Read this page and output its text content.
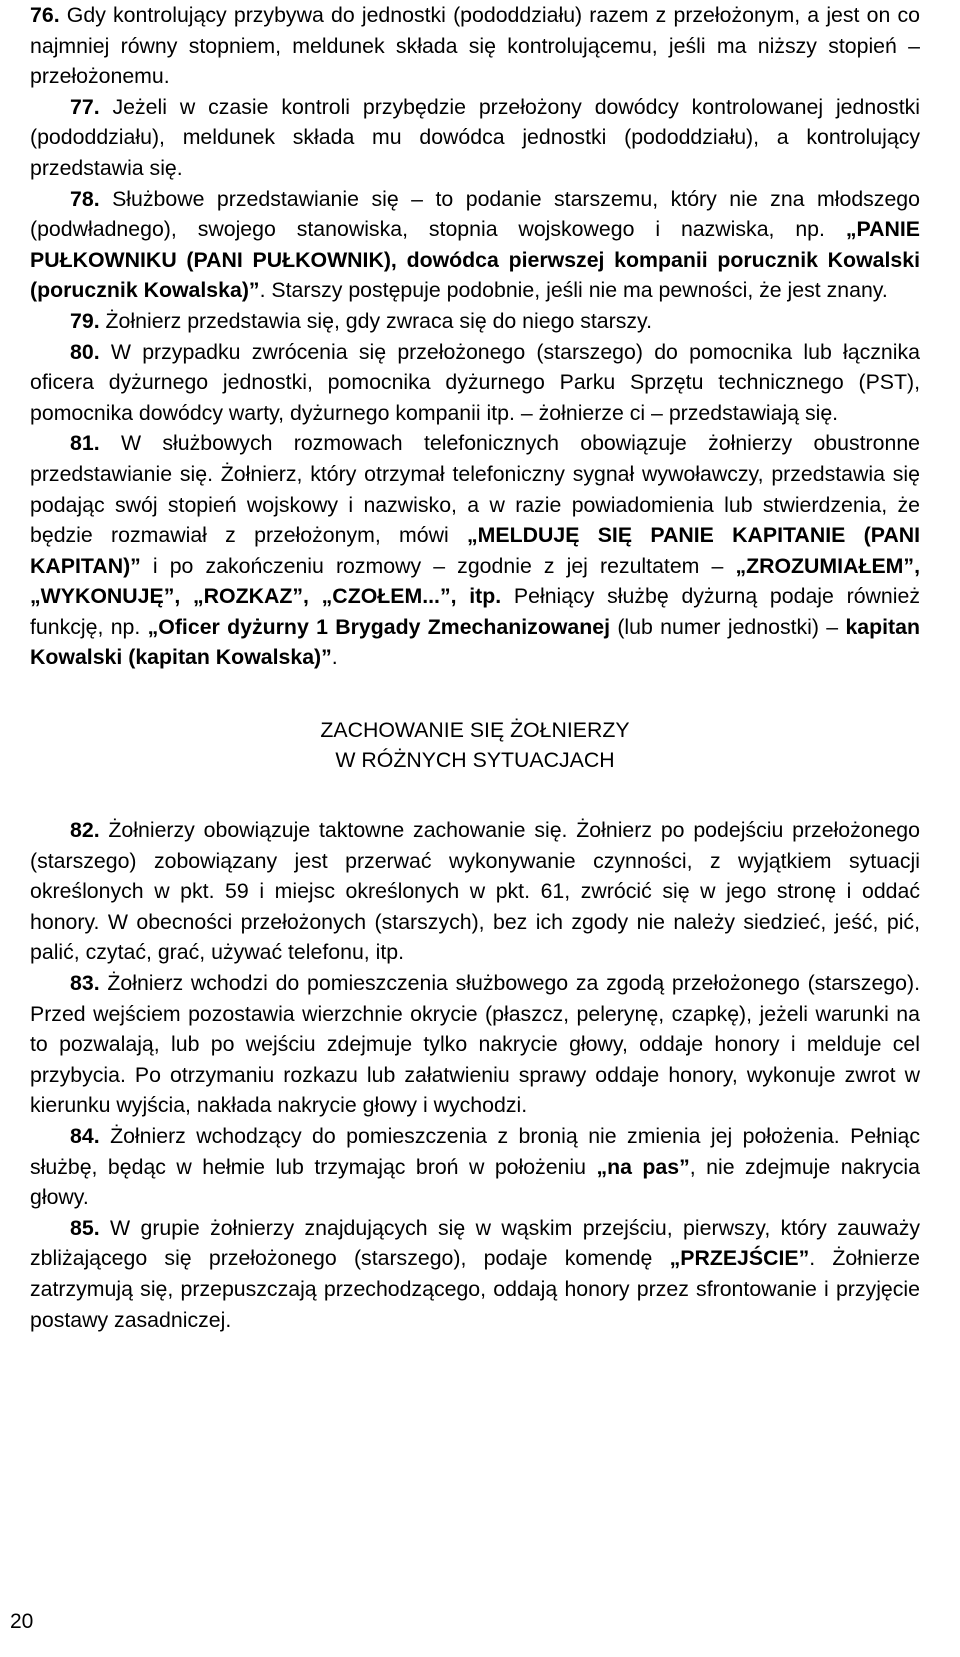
76. Gdy kontrolujący przybywa do jednostki (pododdziału) razem z przełożonym, a jest on co najmniej równy stopniem, meldunek składa się kontrolującemu, jeśli ma niższy stopień – przełożonemu.

77. Jeżeli w czasie kontroli przybędzie przełożony dowódcy kontrolowanej jednostki (pododdziału), meldunek składa mu dowódca jednostki (pododdziału), a kontrolujący przedstawia się.

78. Służbowe przedstawianie się – to podanie starszemu, który nie zna młodszego (podwładnego), swojego stanowiska, stopnia wojskowego i nazwiska, np. „PANIE PUŁKOWNIKU (PANI PUŁKOWNIK), dowódca pierwszej kompanii porucznik Kowalski (porucznik Kowalska)”. Starszy postępuje podobnie, jeśli nie ma pewności, że jest znany.

79. Żołnierz przedstawia się, gdy zwraca się do niego starszy.

80. W przypadku zwrócenia się przełożonego (starszego) do pomocnika lub łącznika oficera dyżurnego jednostki, pomocnika dyżurnego Parku Sprzętu technicznego (PST), pomocnika dowódcy warty, dyżurnego kompanii itp. – żołnierze ci – przedstawiają się.

81. W służbowych rozmowach telefonicznych obowiązuje żołnierzy obustronne przedstawianie się. Żołnierz, który otrzymał telefoniczny sygnał wywoławczy, przedstawia się podając swój stopień wojskowy i nazwisko, a w razie powiadomienia lub stwierdzenia, że będzie rozmawiał z przełożonym, mówi „MELDUJĘ SIĘ PANIE KAPITANIE (PANI KAPITAN)” i po zakończeniu rozmowy – zgodnie z jej rezultatem – „ZROZUMIAŁEM”, „WYKONUJĘ”, „ROZKAZ”, „CZOŁEM...”, itp. Pełniący służbę dyżurną podaje również funkcję, np. „Oficer dyżurny 1 Brygady Zmechanizowanej (lub numer jednostki) – kapitan Kowalski (kapitan Kowalska)”.

ZACHOWANIE SIĘ ŻOŁNIERZY
W RÓŻNYCH SYTUACJACH

82. Żołnierzy obowiązuje taktowne zachowanie się. Żołnierz po podejściu przełożonego (starszego) zobowiązany jest przerwać wykonywanie czynności, z wyjątkiem sytuacji określonych w pkt. 59 i miejsc określonych w pkt. 61, zwrócić się w jego stronę i oddać honory. W obecności przełożonych (starszych), bez ich zgody nie należy siedzieć, jeść, pić, palić, czytać, grać, używać telefonu, itp.

83. Żołnierz wchodzi do pomieszczenia służbowego za zgodą przełożonego (starszego). Przed wejściem pozostawia wierzchnie okrycie (płaszcz, pelerynę, czapkę), jeżeli warunki na to pozwalają, lub po wejściu zdejmuje tylko nakrycie głowy, oddaje honory i melduje cel przybycia. Po otrzymaniu rozkazu lub załatwieniu sprawy oddaje honory, wykonuje zwrot w kierunku wyjścia, nakłada nakrycie głowy i wychodzi.

84. Żołnierz wchodzący do pomieszczenia z bronią nie zmienia jej położenia. Pełniąc służbę, będąc w hełmie lub trzymając broń w położeniu „na pas”, nie zdejmuje nakrycia głowy.

85. W grupie żołnierzy znajdujących się w wąskim przejściu, pierwszy, który zauważy zbliżającego się przełożonego (starszego), podaje komendę „PRZEJŚCIE”. Żołnierze zatrzymują się, przepuszczają przechodzącego, oddają honory przez sfrontowanie i przyjęcie postawy zasadniczej.

20
